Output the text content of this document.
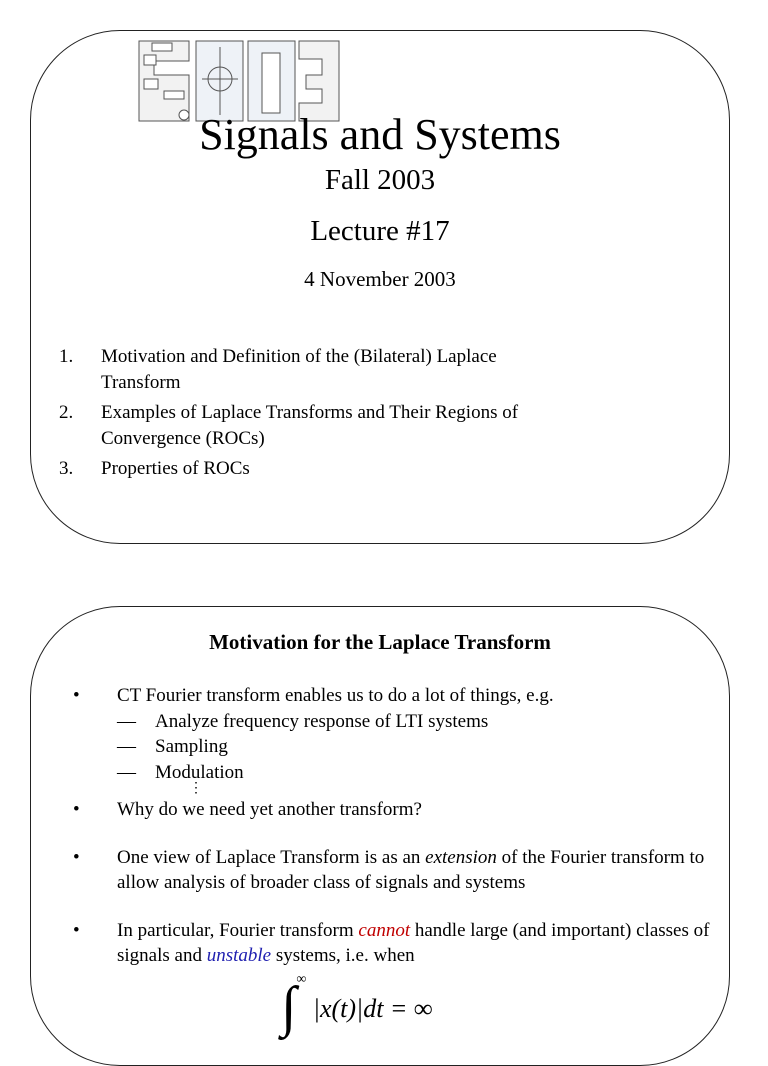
Signals and Systems
Fall 2003
Lecture #17
4 November 2003
1.	Motivation and Definition of the (Bilateral) Laplace Transform
2.	Examples of Laplace Transforms and Their Regions of Convergence (ROCs)
3.	Properties of ROCs
Motivation for the Laplace Transform
•	CT Fourier transform enables us to do a lot of things, e.g.
— Analyze frequency response of LTI systems
— Sampling
— Modulation
⋮
•	Why do we need yet another transform?
•	One view of Laplace Transform is as an extension of the Fourier transform to allow analysis of broader class of signals and systems
•	In particular, Fourier transform cannot handle large (and important) classes of signals and unstable systems, i.e. when
∫∞ |x(t)|dt = ∞
